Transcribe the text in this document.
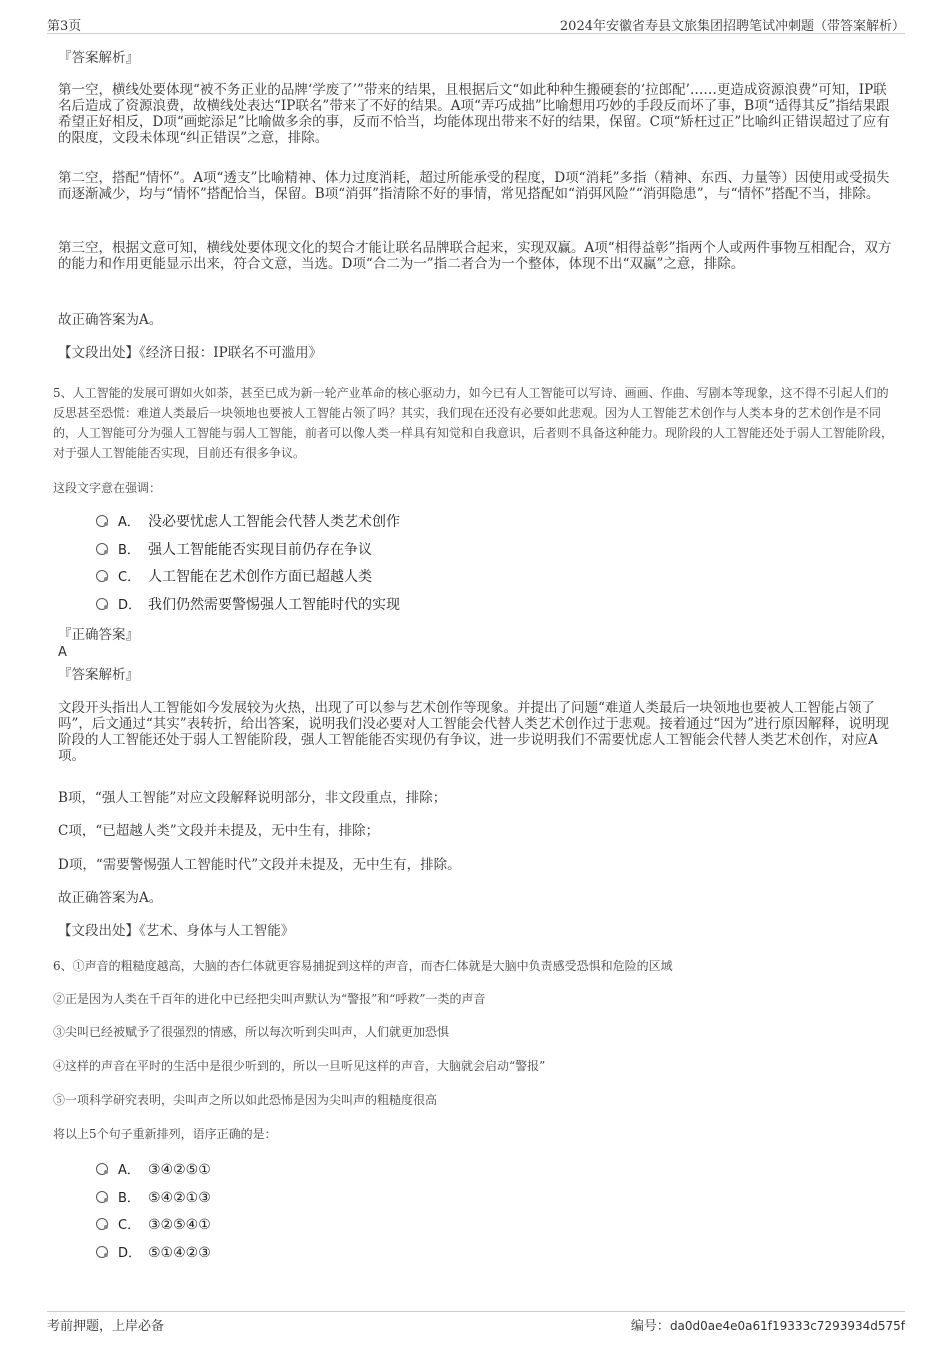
第3页	2024年安徽省寿县文旅集团招聘笔试冲刺题（带答案解析）
『答案解析』
第一空，横线处要体现“被不务正业的品牌‘学废了’”带来的结果，且根据后文“如此种种生搬硬套的‘拉郎配’……更造成资源浪费”可知，IP联名后造成了资源浪费，故横线处表达“IP联名”带来了不好的结果。A项“弄巧成拙”比喻想用巧妙的手段反而坏了事，B项“适得其反”指结果跟希望正好相反，D项“画蛇添足”比喻做多余的事，反而不恰当，均能体现出带来不好的结果，保留。C项“矫枉过正”比喻纠正错误超过了应有的限度，文段未体现“纠正错误”之意，排除。
第二空，搭配“情怀”。A项“透支”比喻精神、体力过度消耗，超过所能承受的程度，D项“消耗”多指（精神、东西、力量等）因使用或受损失而逐渐减少，均与“情怀”搭配恰当，保留。B项“消弭”指清除不好的事情，常见搭配如“消弭风险”“消弭隐患”，与“情怀”搭配不当，排除。
第三空，根据文意可知，横线处要体现文化的契合才能让联名品牌联合起来，实现双赢。A项“相得益彰”指两个人或两件事物互相配合，双方的能力和作用更能显示出来，符合文意，当选。D项“合二为一”指二者合为一个整体，体现不出“双赢”之意，排除。
故正确答案为A。
【文段出处】《经济日报：IP联名不可滥用》
5、人工智能的发展可谓如火如荼，甚至已成为新一轮产业革命的核心驱动力，如今已有人工智能可以写诗、画画、作曲、写剧本等现象，这不得不引起人们的反思甚至恐慌：难道人类最后一块领地也要被人工智能占领了吗？其实，我们现在还没有必要如此悲观。因为人工智能艺术创作与人类本身的艺术创作是不同的，人工智能可分为强人工智能与弱人工智能，前者可以像人类一样具有知觉和自我意识，后者则不具备这种能力。现阶段的人工智能还处于弱人工智能阶段，对于强人工智能能否实现，目前还有很多争议。
这段文字意在强调：
A． 没必要忧虑人工智能会代替人类艺术创作
B． 强人工智能能否实现目前仍存在争议
C． 人工智能在艺术创作方面已超越人类
D． 我们仍然需要警惕强人工智能时代的实现
『正确答案』
A
『答案解析』
文段开头指出人工智能如今发展较为火热，出现了可以参与艺术创作等现象。并提出了问题“难道人类最后一块领地也要被人工智能占领了吗”，后文通过“其实”表转折，给出答案，说明我们没必要对人工智能会代替人类艺术创作过于悲观。接着通过“因为”进行原因解释，说明现阶段的人工智能还处于弱人工智能阶段，强人工智能能否实现仍有争议，进一步说明我们不需要忧虑人工智能会代替人类艺术创作，对应A项。
B项，“强人工智能”对应文段解释说明部分，非文段重点，排除；
C项，“已超越人类”文段并未提及，无中生有，排除；
D项，“需要警惕强人工智能时代”文段并未提及，无中生有，排除。
故正确答案为A。
【文段出处】《艺术、身体与人工智能》
6、①声音的粗糙度越高，大脑的杏仁体就更容易捕捉到这样的声音，而杏仁体就是大脑中负责感受恐惧和危险的区域
②正是因为人类在千百年的进化中已经把尖叫声默认为“警报”和“呼救”一类的声音
③尖叫已经被赋予了很强烈的情感，所以每次听到尖叫声，人们就更加恐惧
④这样的声音在平时的生活中是很少听到的，所以一旦听见这样的声音，大脑就会启动“警报”
⑤一项科学研究表明，尖叫声之所以如此恐怖是因为尖叫声的粗糙度很高
将以上5个句子重新排列，语序正确的是：
A． ③④②⑤①
B． ⑤④②①③
C． ③②⑤④①
D． ⑤①④②③
考前押题，上岸必备	编号：da0d0ae4e0a61f19333c7293934d575f
